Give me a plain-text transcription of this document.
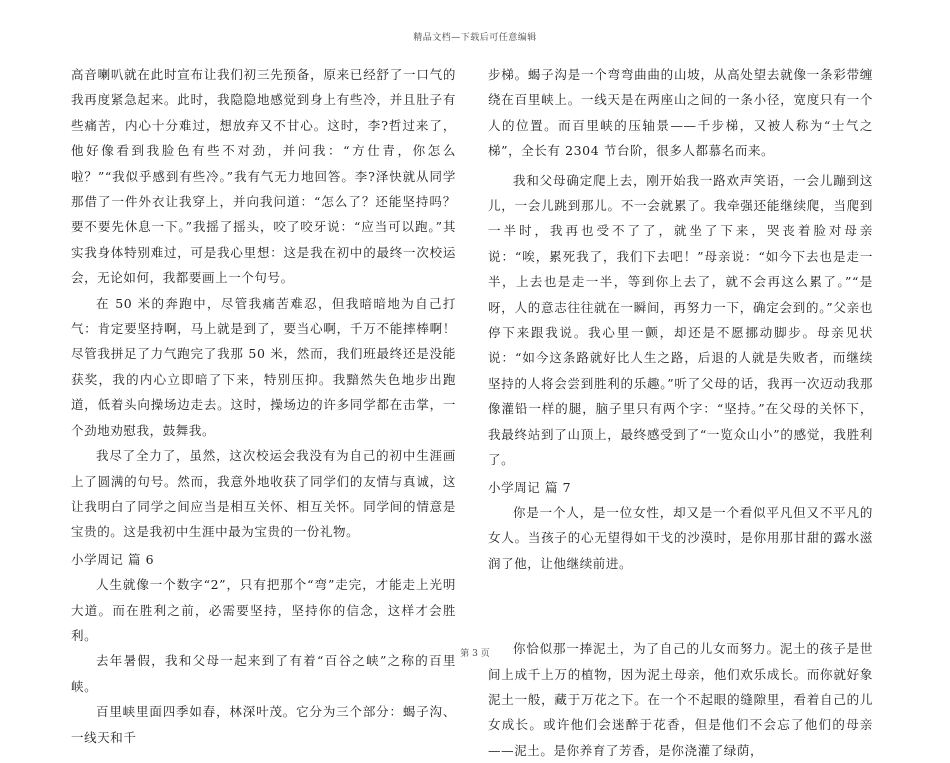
精品文档—下载后可任意编辑

高音喇叭就在此时宣布让我们初三先预备，原来已经舒了一口气的我再度紧急起来。此时，我隐隐地感觉到身上有些冷，并且肚子有些痛苦，内心十分难过，想放弃又不甘心。这时，李?哲过来了，他好像看到我脸色有些不对劲，并问我：“方仕青，你怎么啦？”“我似乎感到有些冷。”我有气无力地回答。李?泽快就从同学那借了一件外衣让我穿上，并向我问道：“怎么了？还能坚持吗？要不要先休息一下。”我摇了摇头，咬了咬牙说：“应当可以跑。”其实我身体特别难过，可是我心里想：这是我在初中的最终一次校运会，无论如何，我都要画上一个句号。

在 50 米的奔跑中，尽管我痛苦难忍，但我暗暗地为自己打气：肯定要坚持啊，马上就是到了，要当心啊，千万不能摔棒啊！尽管我拼足了力气跑完了我那 50 米，然而，我们班最终还是没能获奖，我的内心立即暗了下来，特别压抑。我黯然失色地步出跑道，低着头向操场边走去。这时，操场边的许多同学都在击掌，一个劲地劝慰我，鼓舞我。

我尽了全力了，虽然，这次校运会我没有为自己的初中生涯画上了圆满的句号。然而，我意外地收获了同学们的友情与真诚，这让我明白了同学之间应当是相互关怀、相互关怀。同学间的情意是宝贵的。这是我初中生涯中最为宝贵的一份礼物。

小学周记 篇 6

人生就像一个数字“2”，只有把那个“弯”走完，才能走上光明大道。而在胜利之前，必需要坚持，坚持你的信念，这样才会胜利。

去年暑假，我和父母一起来到了有着“百谷之峡”之称的百里峡。

百里峡里面四季如春，林深叶茂。它分为三个部分：蝎子沟、一线天和千

步梯。蝎子沟是一个弯弯曲曲的山坡，从高处望去就像一条彩带缠绕在百里峡上。一线天是在两座山之间的一条小径，宽度只有一个人的位置。而百里峡的压轴景——千步梯，又被人称为“士气之梯”，全长有 2304 节台阶，很多人都慕名而来。

我和父母确定爬上去，刚开始我一路欢声笑语，一会儿蹦到这儿，一会儿跳到那儿。不一会就累了。我牵强还能继续爬，当爬到一半时，我再也受不了了，就坐了下来，哭丧着脸对母亲说：“唉，累死我了，我们下去吧！”母亲说：“如今下去也是走一半，上去也是走一半，等到你上去了，就不会再这么累了。”“是呀，人的意志往往就在一瞬间，再努力一下，确定会到的。”父亲也停下来跟我说。我心里一颤，却还是不愿挪动脚步。母亲见状说：“如今这条路就好比人生之路，后退的人就是失败者，而继续坚持的人将会尝到胜利的乐趣。”听了父母的话，我再一次迈动我那像灌铅一样的腿，脑子里只有两个字：“坚持。”在父母的关怀下，我最终站到了山顶上，最终感受到了“一览众山小”的感觉，我胜利了。

小学周记 篇 7

你是一个人，是一位女性，却又是一个看似平凡但又不平凡的女人。当孩子的心无望得如干戈的沙漠时，是你用那甘甜的露水滋润了他，让他继续前进。

你恰似那一捧泥土，为了自己的儿女而努力。泥土的孩子是世间上成千上万的植物，因为泥土母亲，他们欢乐成长。而你就好象泥土一般，藏于万花之下。在一个不起眼的缝隙里，看着自己的儿女成长。或许他们会迷醉于花香，但是他们不会忘了他们的母亲——泥土。是你养育了芳香，是你浇灌了绿荫，

第 3 页
